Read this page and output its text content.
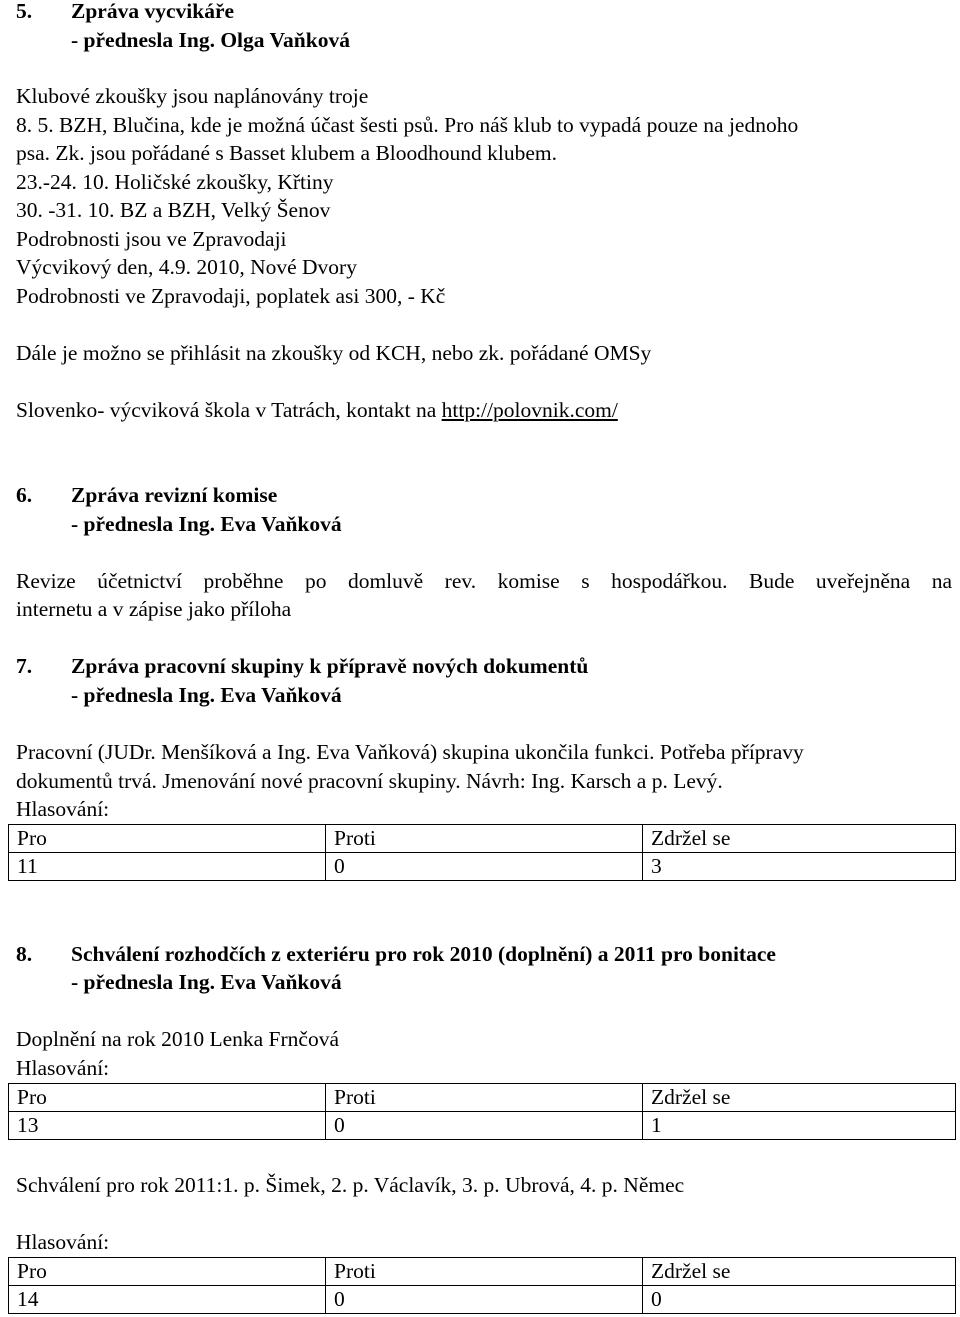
5. Zpráva vycvikáře
- přednesla Ing. Olga Vaňková
Klubové zkoušky jsou naplánovány troje
8. 5. BZH, Blučina, kde je možná účast šesti psů. Pro náš klub to vypadá pouze na jednoho
psa. Zk. jsou pořádané s Basset klubem a Bloodhound klubem.
23.-24. 10. Holičské zkoušky, Křtiny
30. -31. 10. BZ a BZH, Velký Šenov
Podrobnosti jsou ve Zpravodaji
Výcvikový den, 4.9. 2010, Nové Dvory
Podrobnosti ve Zpravodaji, poplatek asi 300, - Kč
Dále je možno se přihlásit na zkoušky od KCH, nebo zk. pořádané OMSy
Slovenko- výcviková škola v Tatrách, kontakt na http://polovnik.com/
6. Zpráva revizní komise
- přednesla Ing. Eva Vaňková
Revize účetnictví proběhne po domluvě rev. komise s hospodářkou. Bude uveřejněna na
internetu a v zápise jako příloha
7. Zpráva pracovní skupiny k přípravě nových dokumentů
- přednesla Ing. Eva Vaňková
Pracovní (JUDr. Menšíková a Ing. Eva Vaňková) skupina ukončila funkci. Potřeba přípravy
dokumentů trvá. Jmenování nové pracovní skupiny. Návrh: Ing. Karsch a p. Levý.
Hlasování:
Pro	Proti	Zdržel se
11	0	3
8. Schválení rozhodčích z exteriéru pro rok 2010 (doplnění) a 2011 pro bonitace
- přednesla Ing. Eva Vaňková
Doplnění na rok 2010 Lenka Frnčová
Hlasování:
Pro	Proti	Zdržel se
13	0	1
Schválení pro rok 2011:1. p. Šimek, 2. p. Václavík, 3. p. Ubrová, 4. p. Němec
Hlasování:
Pro	Proti	Zdržel se
14	0	0
